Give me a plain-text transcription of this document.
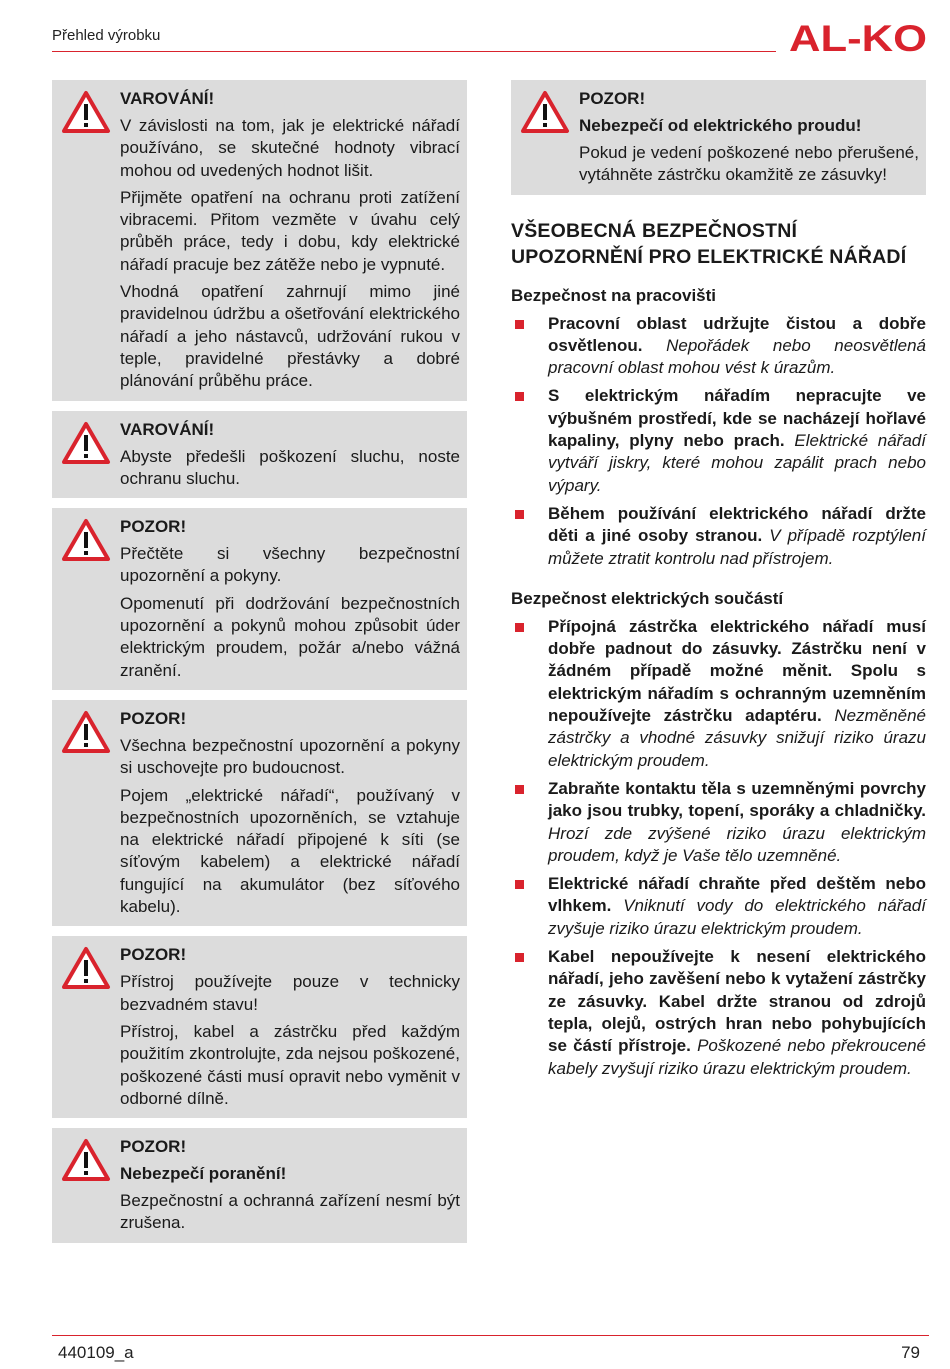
Přehled výrobku	AL-KO
VAROVÁNÍ!

V závislosti na tom, jak je elektrické nářadí používáno, se skutečné hodnoty vibrací mohou od uvedených hodnot lišit.

Přijměte opatření na ochranu proti zatížení vibracemi. Přitom vezměte v úvahu celý průběh práce, tedy i dobu, kdy elektrické nářadí pracuje bez zátěže nebo je vypnuté.

Vhodná opatření zahrnují mimo jiné pravidelnou údržbu a ošetřování elektrického nářadí a jeho nástavců, udržování rukou v teple, pravidelné přestávky a dobré plánování průběhu práce.

VAROVÁNÍ!

Abyste předešli poškození sluchu, noste ochranu sluchu.

POZOR!

Přečtěte si všechny bezpečnostní upozornění a pokyny.

Opomenutí při dodržování bezpečnostních upozornění a pokynů mohou způsobit úder elektrickým proudem, požár a/nebo vážná zranění.

POZOR!

Všechna bezpečnostní upozornění a pokyny si uschovejte pro budoucnost.

Pojem „elektrické nářadí“, používaný v bezpečnostních upozorněních, se vztahuje na elektrické nářadí připojené k síti (se síťovým kabelem) a elektrické nářadí fungující na akumulátor (bez síťového kabelu).

POZOR!

Přístroj používejte pouze v technicky bezvadném stavu!

Přístroj, kabel a zástrčku před každým použitím zkontrolujte, zda nejsou poškozené, poškozené části musí opravit nebo vyměnit v odborné dílně.

POZOR!
Nebezpečí poranění!

Bezpečnostní a ochranná zařízení nesmí být zrušena.

POZOR!
Nebezpečí od elektrického proudu!

Pokud je vedení poškozené nebo přerušené, vytáhněte zástrčku okamžitě ze zásuvky!

VŠEOBECNÁ BEZPEČNOSTNÍ UPOZORNĚNÍ PRO ELEKTRICKÉ NÁŘADÍ
Bezpečnost na pracovišti
Pracovní oblast udržujte čistou a dobře osvětlenou. Nepořádek nebo neosvětlená pracovní oblast mohou vést k úrazům.
S elektrickým nářadím nepracujte ve výbušném prostředí, kde se nacházejí hořlavé kapaliny, plyny nebo prach. Elektrické nářadí vytváří jiskry, které mohou zapálit prach nebo výpary.
Během používání elektrického nářadí držte děti a jiné osoby stranou. V případě rozptýlení můžete ztratit kontrolu nad přístrojem.
Bezpečnost elektrických součástí
Přípojná zástrčka elektrického nářadí musí dobře padnout do zásuvky. Zástrčku není v žádném případě možné měnit. Spolu s elektrickým nářadím s ochranným uzemněním nepoužívejte zástrčku adaptéru. Nezměněné zástrčky a vhodné zásuvky snižují riziko úrazu elektrickým proudem.
Zabraňte kontaktu těla s uzemněnými povrchy jako jsou trubky, topení, sporáky a chladničky. Hrozí zde zvýšené riziko úrazu elektrickým proudem, když je Vaše tělo uzemněné.
Elektrické nářadí chraňte před deštěm nebo vlhkem. Vniknutí vody do elektrického nářadí zvyšuje riziko úrazu elektrickým proudem.
Kabel nepoužívejte k nesení elektrického nářadí, jeho zavěšení nebo k vytažení zástrčky ze zásuvky. Kabel držte stranou od zdrojů tepla, olejů, ostrých hran nebo pohybujících se částí přístroje. Poškozené nebo překroucené kabely zvyšují riziko úrazu elektrickým proudem.
440109_a	79
